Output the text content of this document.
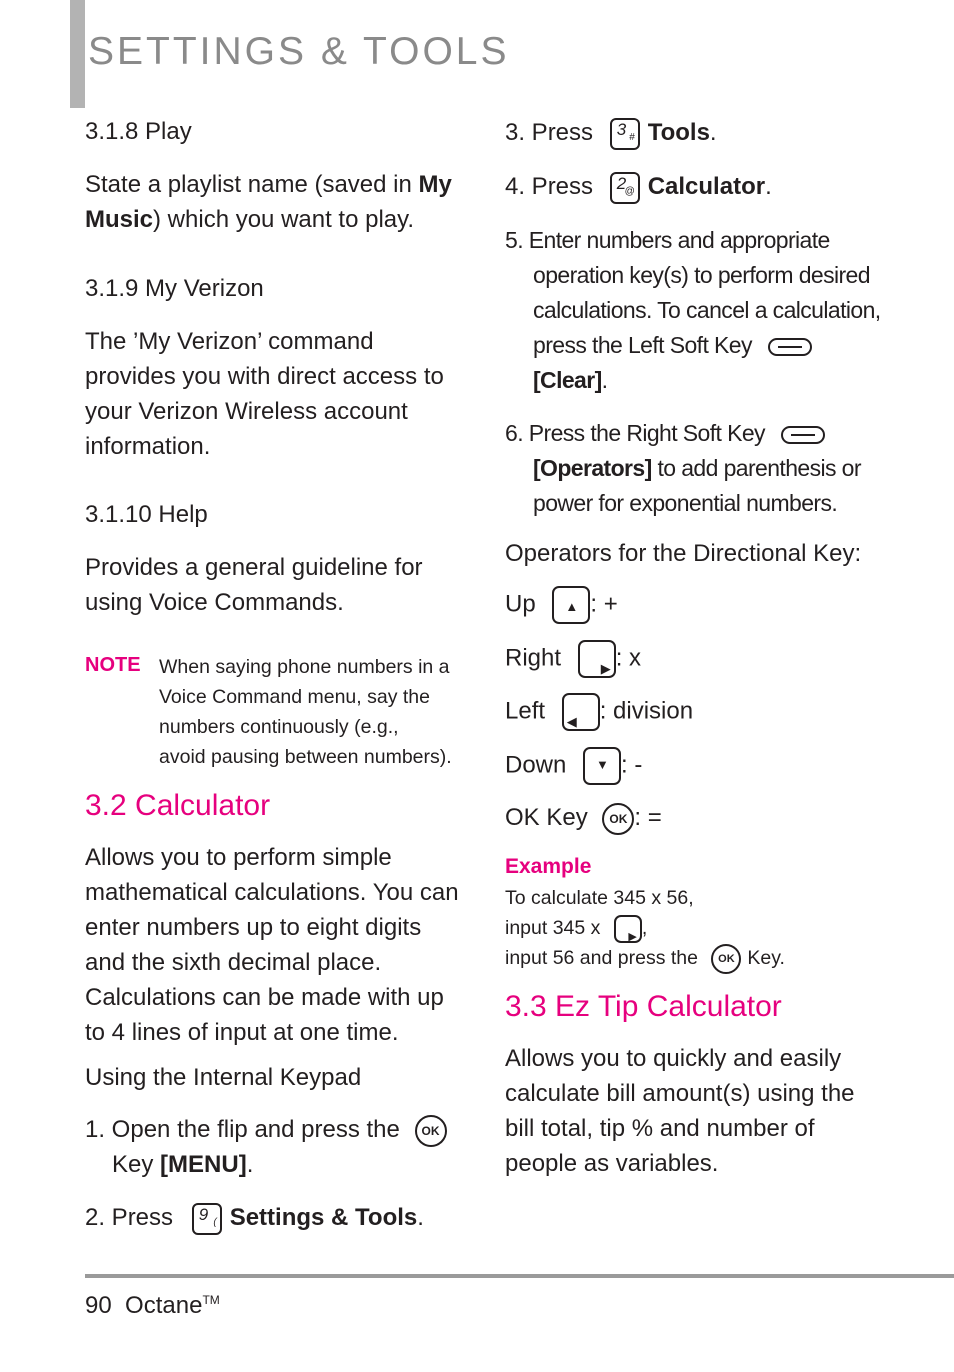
SETTINGS & TOOLS
3.1.8 Play
State a playlist name (saved in My
Music) which you want to play.
3.1.9 My Verizon
The ’My Verizon’ command
provides you with direct access to
your Verizon Wireless account
information.
3.1.10 Help
Provides a general guideline for
using Voice Commands.
NOTE When saying phone numbers in a
Voice Command menu, say the
numbers continuously (e.g.,
avoid pausing between numbers).
3.2 Calculator
Allows you to perform simple
mathematical calculations. You can
enter numbers up to eight digits
and the sixth decimal place.
Calculations can be made with up
to 4 lines of input at one time.
Using the Internal Keypad
1. Open the flip and press the OK
Key [MENU].
2. Press 9 ( Settings & Tools.
3. Press 3 # Tools.
4. Press 2
@ Calculator.
5. Enter numbers and appropriate
operation key(s) to perform desired
calculations. To cancel a calculation,
press the Left Soft Key
[Clear].
6. Press the Right Soft Key
[Operators] to add parenthesis or
power for exponential numbers.
Operators for the Directional Key:
Up ▲ : +
Right	▶ : x
Left ◀ : division
Down ▼ : -
OK Key OK : =
Example
To calculate 345 x 56,
input 345 x	▶ ,
input 56 and press the OK Key.
3.3 Ez Tip Calculator
Allows you to quickly and easily
calculate bill amount(s) using the
bill total, tip % and number of
people as variables.
90 Octane™
